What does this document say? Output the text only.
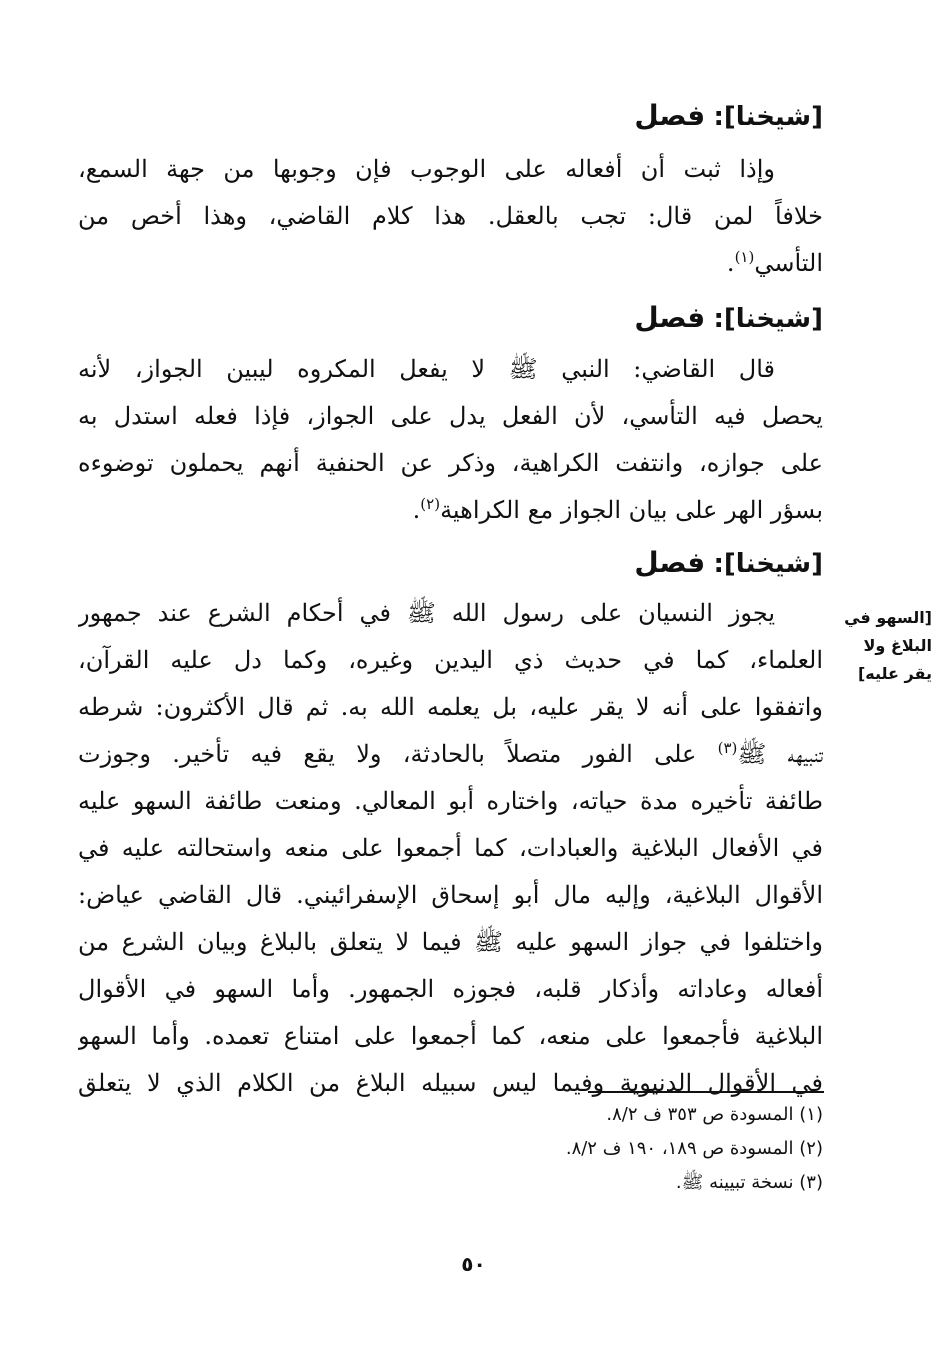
[شيخنا]: فصل
وإذا ثبت أن أفعاله على الوجوب فإن وجوبها من جهة السمع،
خلافاً لمن قال: تجب بالعقل. هذا كلام القاضي، وهذا أخص من
التأسي$^{(١)}$.
[شيخنا]: فصل
قال القاضي: النبي ﷺ لا يفعل المكروه ليبين الجواز، لأنه
يحصل فيه التأسي، لأن الفعل يدل على الجواز، فإذا فعله استدل به
على جوازه، وانتفت الكراهية، وذكر عن الحنفية أنهم يحملون توضوءه
بسؤر الهر على بيان الجواز مع الكراهية$^{(٢)}$.
[شيخنا]: فصل
[السهو في
البلاغ ولا
يقر عليه]
يجوز النسيان على رسول الله ﷺ في أحكام الشرع عند جمهور
العلماء، كما في حديث ذي اليدين وغيره، وكما دل عليه القرآن،
واتفقوا على أنه لا يقر عليه، بل يعلمه الله به. ثم قال الأكثرون: شرطه
تنبيهه ﷺ$^{(٣)}$ على الفور متصلاً بالحادثة، ولا يقع فيه تأخير. وجوزت
طائفة تأخيره مدة حياته، واختاره أبو المعالي. ومنعت طائفة السهو عليه
في الأفعال البلاغية والعبادات، كما أجمعوا على منعه واستحالته عليه في
الأقوال البلاغية، وإليه مال أبو إسحاق الإسفرائيني. قال القاضي عياض:
واختلفوا في جواز السهو عليه ﷺ فيما لا يتعلق بالبلاغ وبيان الشرع من
أفعاله وعاداته وأذكار قلبه، فجوزه الجمهور. وأما السهو في الأقوال
البلاغية فأجمعوا على منعه، كما أجمعوا على امتناع تعمده. وأما السهو
في الأقوال الدنيوية وفيما ليس سبيله البلاغ من الكلام الذي لا يتعلق
(١) المسودة ص ٣٥٣ ف ٨/٢.
(٢) المسودة ص ١٨٩، ١٩٠ ف ٨/٢.
(٣) نسخة تبيينه ﷺ.
٥٠
